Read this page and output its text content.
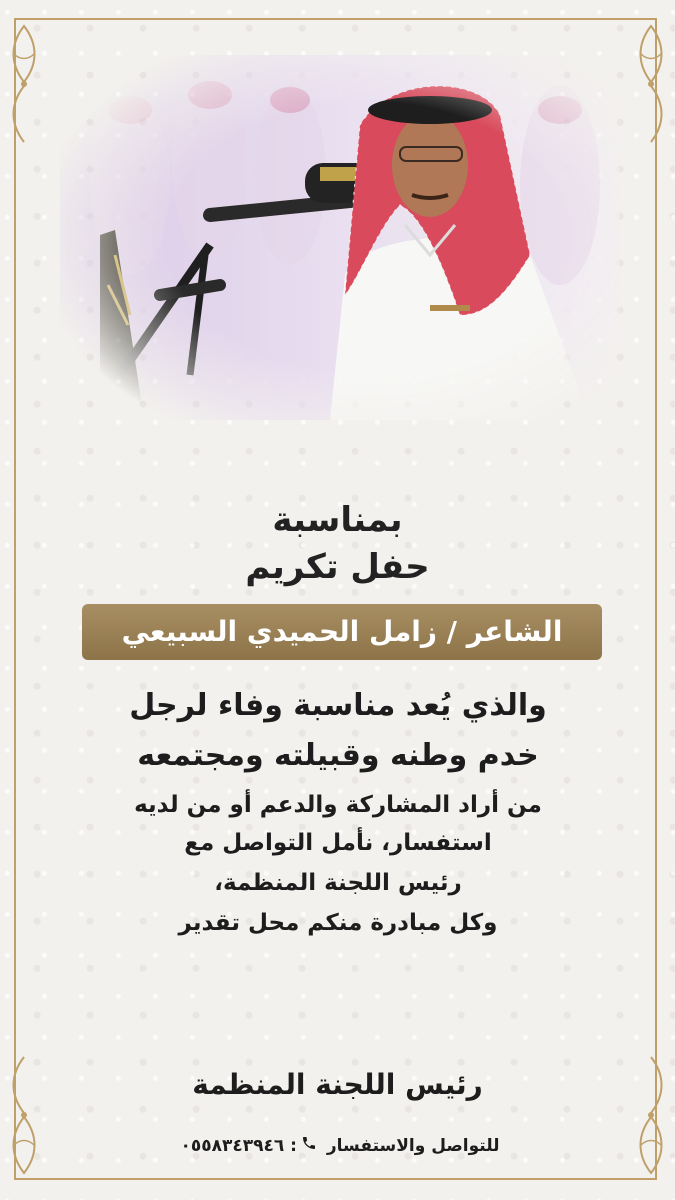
بمناسبة
حفل تكريم
الشاعر / زامل الحميدي السبيعي
والذي يُعد مناسبة وفاء لرجل
خدم وطنه وقبيلته ومجتمعه
من أراد المشاركة والدعم أو من لديه
استفسار، نأمل التواصل مع
رئيس اللجنة المنظمة،
وكل مبادرة منكم محل تقدير
رئيس اللجنة المنظمة
للتواصل والاستفسار : ٠٥٥٨٣٤٣٩٤٦
